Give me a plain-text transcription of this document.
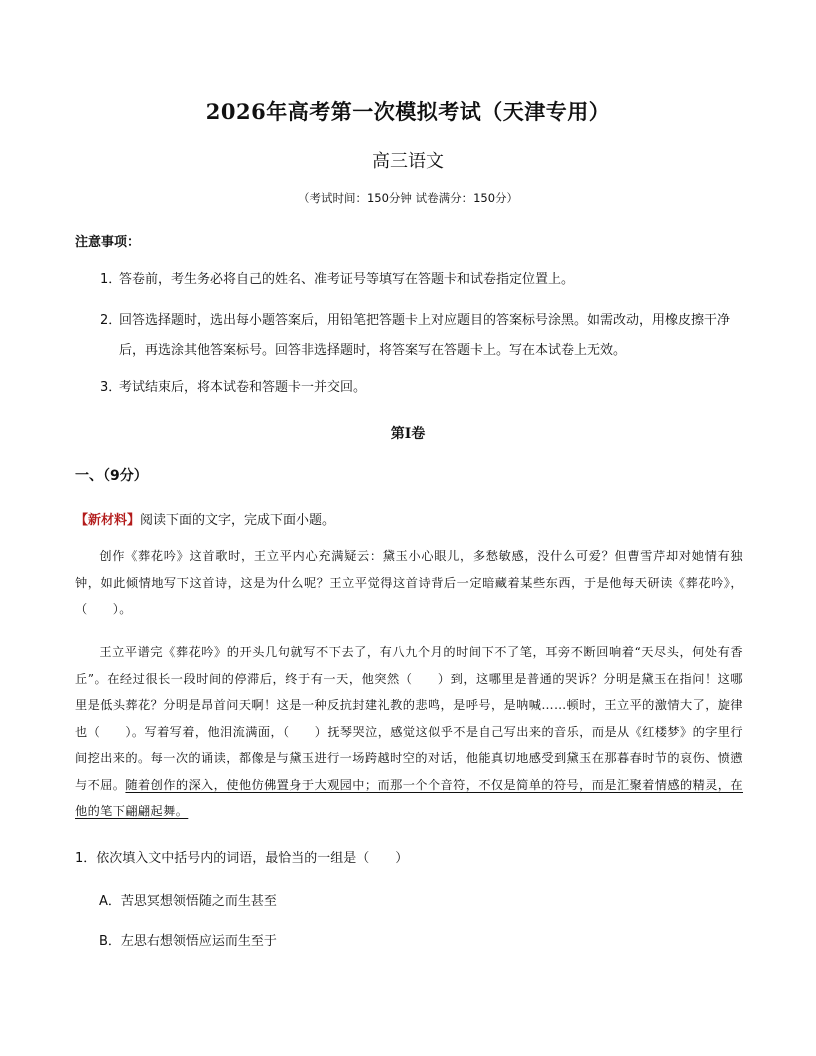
2026年高考第一次模拟考试（天津专用）
高三语文
（考试时间：150分钟 试卷满分：150分）
注意事项：
1．
答卷前，考生务必将自己的姓名、准考证号等填写在答题卡和试卷指定位置上。
2．
回答选择题时，选出每小题答案后，用铅笔把答题卡上对应题目的答案标号涂黑。如需改动，用橡皮擦干净后，再选涂其他答案标号。回答非选择题时，将答案写在答题卡上。写在本试卷上无效。
3．
考试结束后，将本试卷和答题卡一并交回。
第Ⅰ卷
一、（9分）
【新材料】阅读下面的文字，完成下面小题。

创作《葬花吟》这首歌时，王立平内心充满疑云：黛玉小心眼儿，多愁敏感，没什么可爱？但曹雪芹却对她情有独钟，如此倾情地写下这首诗，这是为什么呢？王立平觉得这首诗背后一定暗藏着某些东西，于是他每天研读《葬花吟》，（　　）。

王立平谱完《葬花吟》的开头几句就写不下去了，有八九个月的时间下不了笔，耳旁不断回响着“天尽头，何处有香丘”。在经过很长一段时间的停滞后，终于有一天，他突然（　　）到，这哪里是普通的哭诉？分明是黛玉在指问！这哪里是低头葬花？分明是昂首问天啊！这是一种反抗封建礼教的悲鸣，是呼号，是呐喊……顿时，王立平的激情大了，旋律也（　　）。写着写着，他泪流满面，（　　）抚琴哭泣，感觉这似乎不是自己写出来的音乐，而是从《红楼梦》的字里行间挖出来的。每一次的诵读，都像是与黛玉进行一场跨越时空的对话，他能真切地感受到黛玉在那暮春时节的哀伤、愤懑与不屈。随着创作的深入，使他仿佛置身于大观园中；而那一个个音符，不仅是简单的符号，而是汇聚着情感的精灵，在他的笔下翩翩起舞。

1．依次填入文中括号内的词语，最恰当的一组是（　　）
A．苦思冥想领悟随之而生甚至
B．左思右想领悟应运而生至于
